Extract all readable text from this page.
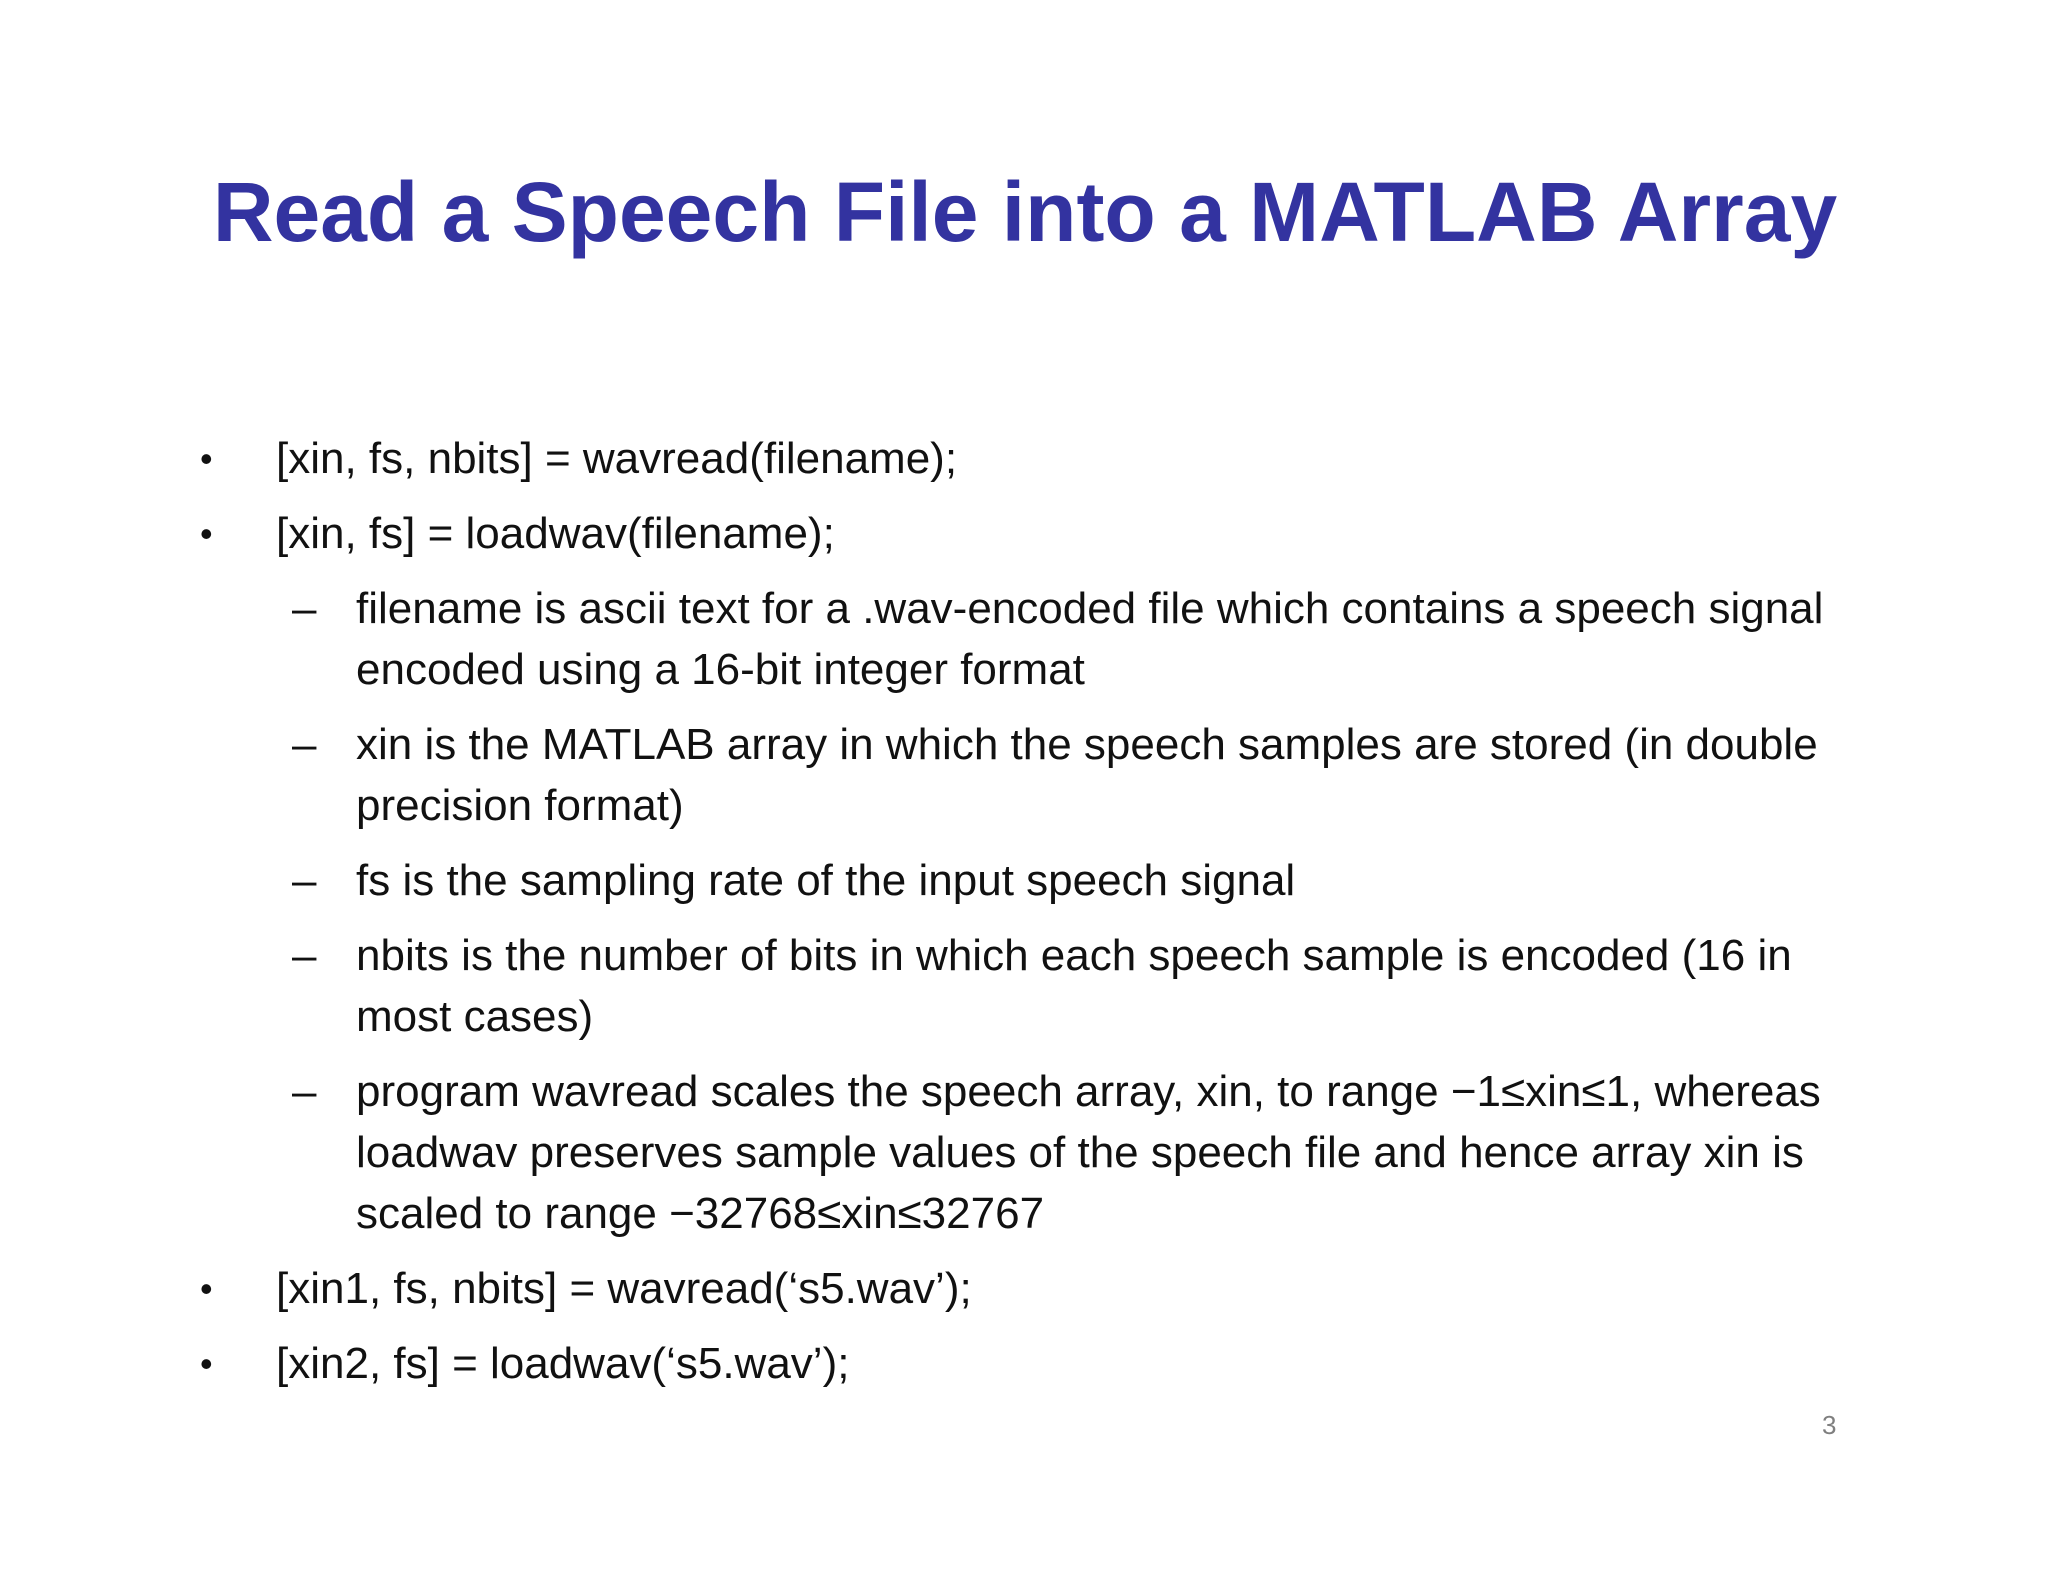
Read a Speech File into a MATLAB Array
•	[xin, fs, nbits] = wavread(filename);
•	[xin, fs] = loadwav(filename);
– filename is ascii text for a .wav-encoded file which contains a speech signal encoded using a 16-bit integer format
– xin is the MATLAB array in which the speech samples are stored (in double precision format)
– fs is the sampling rate of the input speech signal
– nbits is the number of bits in which each speech sample is encoded (16 in most cases)
– program wavread scales the speech array, xin, to range −1≤xin≤1, whereas loadwav preserves sample values of the speech file and hence array xin is scaled to range −32768≤xin≤32767
•	[xin1, fs, nbits] = wavread(‘s5.wav’);
•	[xin2, fs] = loadwav(‘s5.wav’);
3
